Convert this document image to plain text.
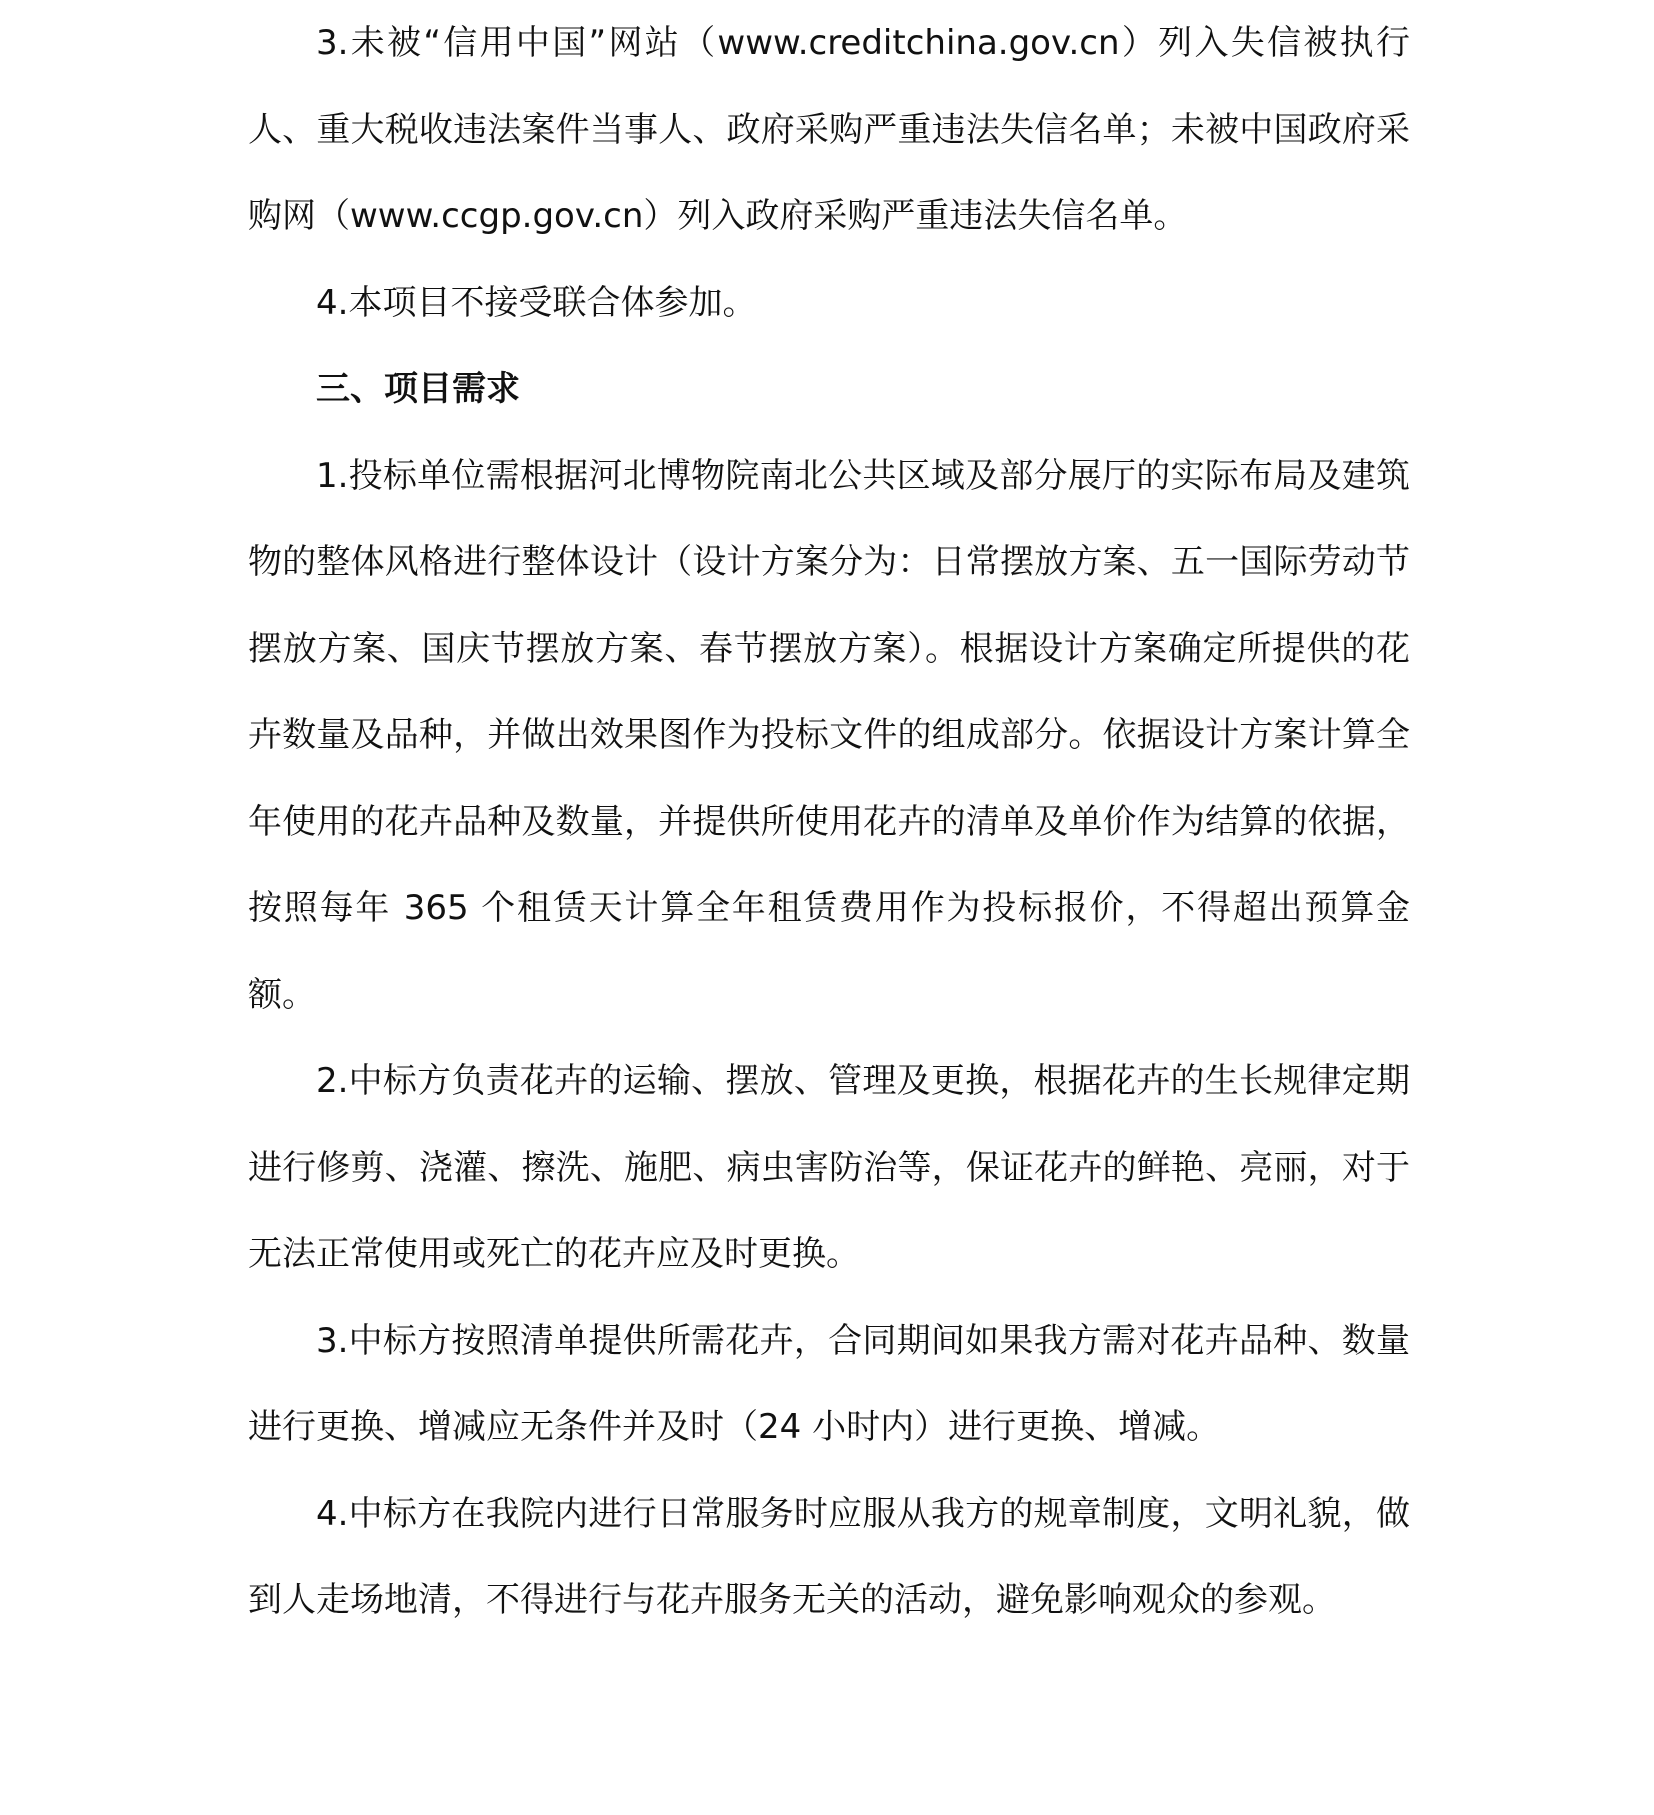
3.未被“信用中国”网站（www.creditchina.gov.cn）列入失信被执行人、重大税收违法案件当事人、政府采购严重违法失信名单；未被中国政府采购网（www.ccgp.gov.cn）列入政府采购严重违法失信名单。

4.本项目不接受联合体参加。

三、项目需求

1.投标单位需根据河北博物院南北公共区域及部分展厅的实际布局及建筑物的整体风格进行整体设计（设计方案分为：日常摆放方案、五一国际劳动节摆放方案、国庆节摆放方案、春节摆放方案）。根据设计方案确定所提供的花卉数量及品种，并做出效果图作为投标文件的组成部分。依据设计方案计算全年使用的花卉品种及数量，并提供所使用花卉的清单及单价作为结算的依据，按照每年 365 个租赁天计算全年租赁费用作为投标报价，不得超出预算金额。

2.中标方负责花卉的运输、摆放、管理及更换，根据花卉的生长规律定期进行修剪、浇灌、擦洗、施肥、病虫害防治等，保证花卉的鲜艳、亮丽，对于无法正常使用或死亡的花卉应及时更换。

3.中标方按照清单提供所需花卉，合同期间如果我方需对花卉品种、数量进行更换、增减应无条件并及时（24 小时内）进行更换、增减。

4.中标方在我院内进行日常服务时应服从我方的规章制度，文明礼貌，做到人走场地清，不得进行与花卉服务无关的活动，避免影响观众的参观。
